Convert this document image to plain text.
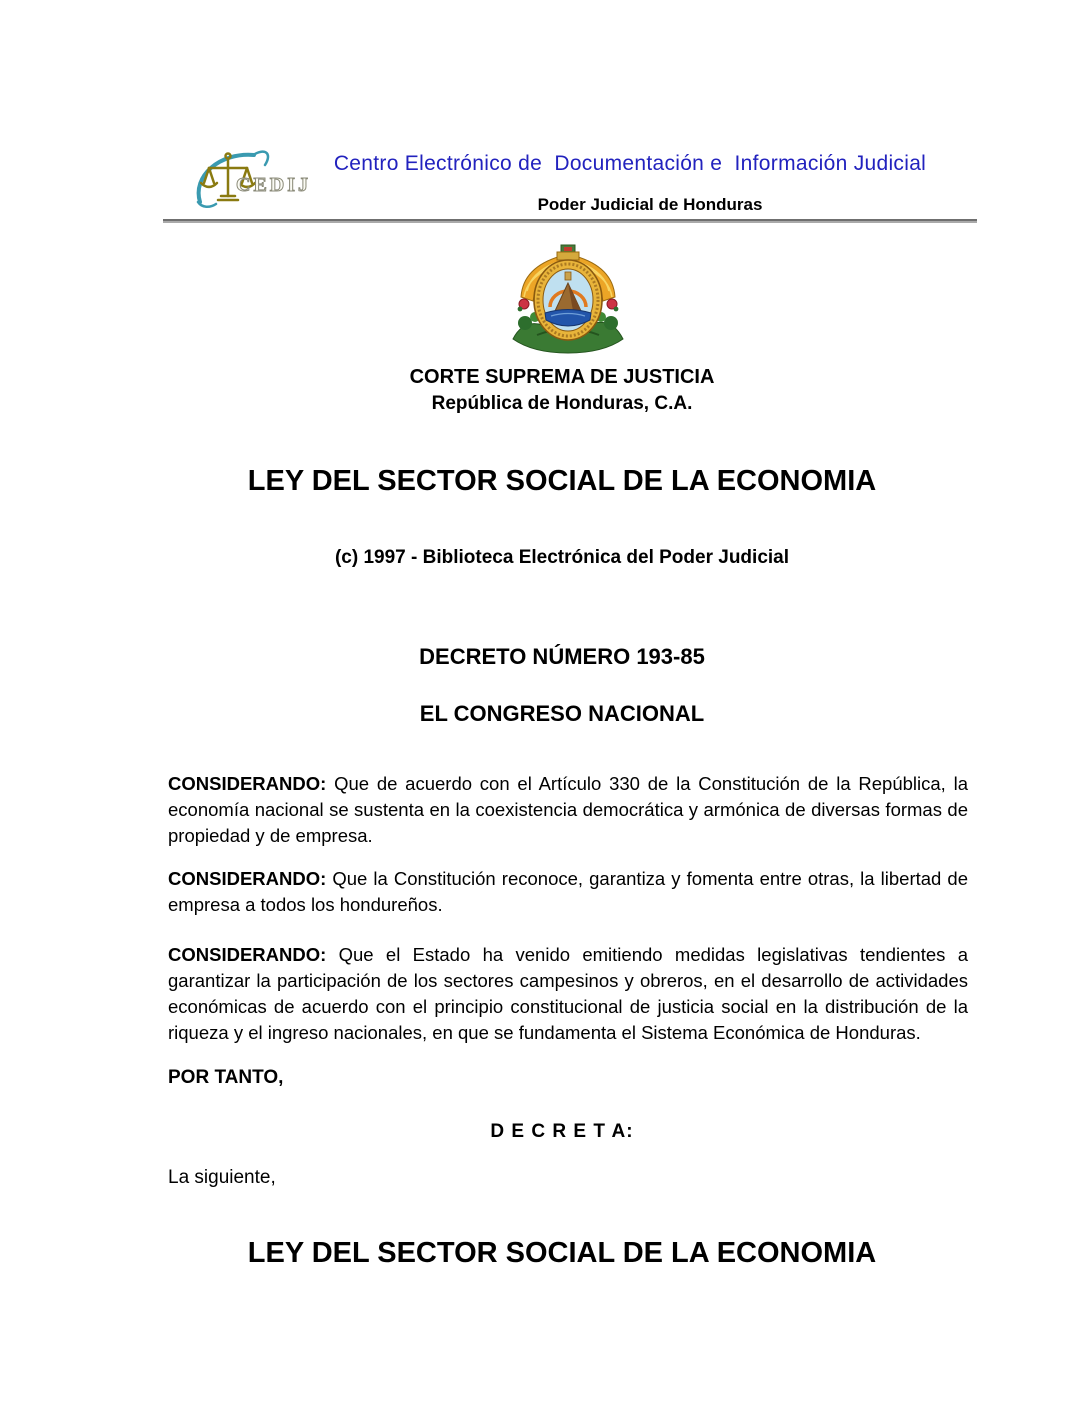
CEDIJ
Centro Electrónico de  Documentación e  Información Judicial
Poder Judicial de Honduras
CORTE SUPREMA DE JUSTICIA
República de Honduras, C.A.
LEY DEL SECTOR SOCIAL DE LA ECONOMIA
(c) 1997 - Biblioteca Electrónica del Poder Judicial
DECRETO NÚMERO 193-85
EL CONGRESO NACIONAL

CONSIDERANDO: Que de acuerdo con el Artículo 330 de la Constitución de la República, la economía nacional se sustenta en la coexistencia democrática y armónica de diversas formas de propiedad y de empresa.

CONSIDERANDO: Que la Constitución reconoce, garantiza y fomenta entre otras, la libertad de empresa a todos los hondureños.

CONSIDERANDO: Que el Estado ha venido emitiendo medidas legislativas tendientes a garantizar la participación de los sectores campesinos y obreros, en el desarrollo de actividades económicas de acuerdo con el principio constitucional de justicia social en la distribución de la riqueza y el ingreso nacionales, en que se fundamenta el Sistema Económica de Honduras.

POR TANTO,
D E C R E T A:
La siguiente,
LEY DEL SECTOR SOCIAL DE LA ECONOMIA
